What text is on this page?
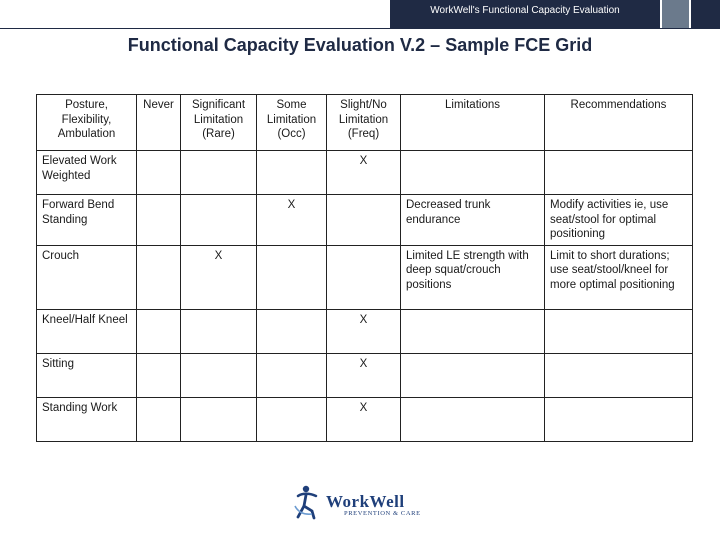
WorkWell's Functional Capacity Evaluation
Functional Capacity Evaluation V.2 – Sample FCE Grid
Posture, Flexibility, Ambulation	Never	Significant Limitation (Rare)	Some Limitation (Occ)	Slight/No Limitation (Freq)	Limitations	Recommendations
Elevated Work Weighted				X		
Forward Bend Standing			X		Decreased trunk endurance	Modify activities ie, use seat/stool for optimal positioning
Crouch		X			Limited LE strength with deep squat/crouch positions	Limit to short durations; use seat/stool/kneel for more optimal positioning
Kneel/Half Kneel				X		
Sitting				X		
Standing Work				X		
WorkWell
PREVENTION & CARE
